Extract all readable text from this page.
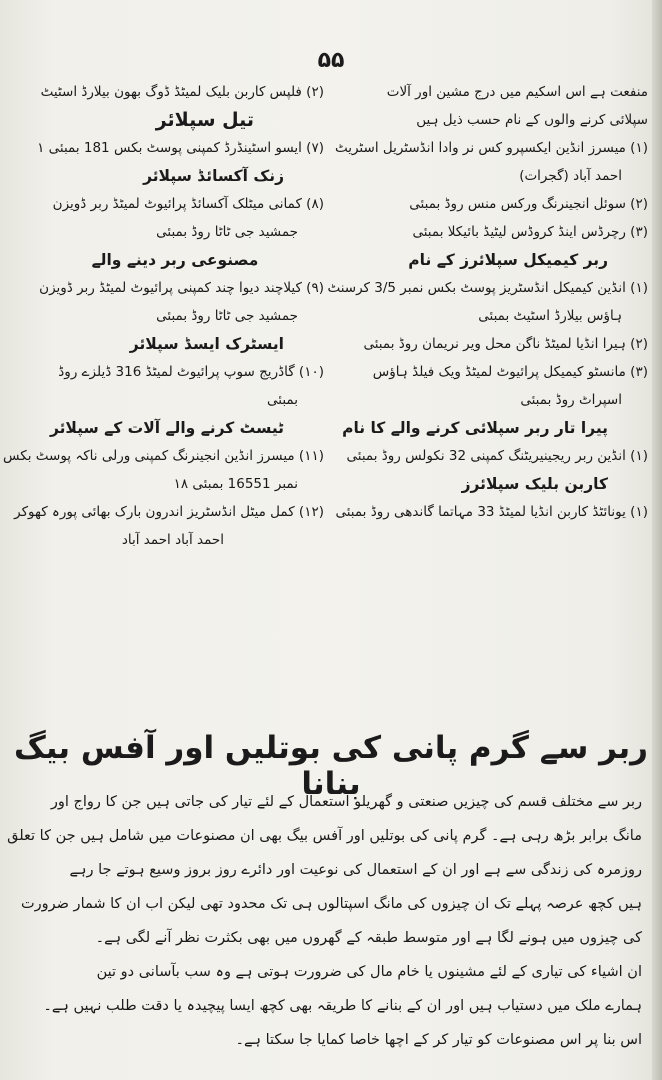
۵۵
منفعت ہے اس اسکیم میں درج مشین اور آلات
سپلائی کرنے والوں کے نام حسب ذیل ہیں
(۱) میسرز انڈین ایکسپرو کس نر وادا انڈسٹریل اسٹریٹ
احمد آباد (گجرات)
(۲) سوئل انجینرنگ ورکس منس روڈ بمبئی
(۳) رچرڈس اینڈ کروڈس لیٹیڈ بائیکلا بمبئی
ربر کیمیکل سپلائرز کے نام
(۱) انڈین کیمیکل انڈسٹریز پوسٹ بکس نمبر 3/5 کرسنٹ
ہاؤس بیلارڈ اسٹیٹ بمبئی
(۲) ہیرا انڈیا لمیٹڈ ناگن محل ویر نریمان روڈ بمبئی
(۳) مانسٹو کیمیکل پرائیوٹ لمیٹڈ ویک فیلڈ ہاؤس
اسپراٹ روڈ بمبئی
پیرا تار ربر سپلائی کرنے والے کا نام
(۱) انڈین ربر ریجینیریٹنگ کمپنی 32 نکولس روڈ بمبئی
کاربن بلیک سپلائرز
(۱) یونائٹڈ کاربن انڈیا لمیٹڈ 33 مہاتما گاندھی روڈ بمبئی
(۲) فلپس کاربن بلیک لمیٹڈ ڈوگ بھون بیلارڈ اسٹیٹ
تیل سپلائر
(۷) ایسو اسٹینڈرڈ کمپنی پوسٹ بکس 181 بمبئی ۱
زنک آکسائڈ سپلائر
(۸) کمانی میٹلک آکسائڈ پرائیوٹ لمیٹڈ ربر ڈویزن
جمشید جی ٹاٹا روڈ بمبئی
مصنوعی ربر دینے والے
(۹) کیلاچند دیوا چند کمپنی پرائیوٹ لمیٹڈ ربر ڈویزن
جمشید جی ٹاٹا روڈ بمبئی
ایسٹرک ایسڈ سپلائر
(۱۰) گاڈریج سوپ پرائیوٹ لمیٹڈ 316 ڈیلزے روڈ
بمبئی
ٹیسٹ کرنے والے آلات کے سپلائر
(۱۱) میسرز انڈین انجینرنگ کمپنی ورلی ناکہ پوسٹ بکس
نمبر 16551 بمبئی ۱۸
(۱۲) کمل میٹل انڈسٹریز اندرون بارک بھائی پورہ کھوکر
احمد آباد احمد آباد
ربر سے گرم پانی کی بوتلیں اور آفس بیگ بنانا
ربر سے مختلف قسم کی چیزیں صنعتی و گھریلو استعمال کے لئے تیار کی جاتی ہیں جن کا رواج اور
مانگ برابر بڑھ رہی ہے۔ گرم پانی کی بوتلیں اور آفس بیگ بھی ان مصنوعات میں شامل ہیں جن کا تعلق
روزمرہ کی زندگی سے ہے اور ان کے استعمال کی نوعیت اور دائرے روز بروز وسیع ہوتے جا رہے
ہیں کچھ عرصہ پہلے تک ان چیزوں کی مانگ اسپتالوں ہی تک محدود تھی لیکن اب ان کا شمار ضرورت
کی چیزوں میں ہونے لگا ہے اور متوسط طبقہ کے گھروں میں بھی بکثرت نظر آنے لگی ہے۔
ان اشیاء کی تیاری کے لئے مشینوں یا خام مال کی ضرورت ہوتی ہے وہ سب بآسانی دو تین
ہمارے ملک میں دستیاب ہیں اور ان کے بنانے کا طریقہ بھی کچھ ایسا پیچیدہ یا دقت طلب نہیں ہے۔
اس بنا پر اس مصنوعات کو تیار کر کے اچھا خاصا کمایا جا سکتا ہے۔
